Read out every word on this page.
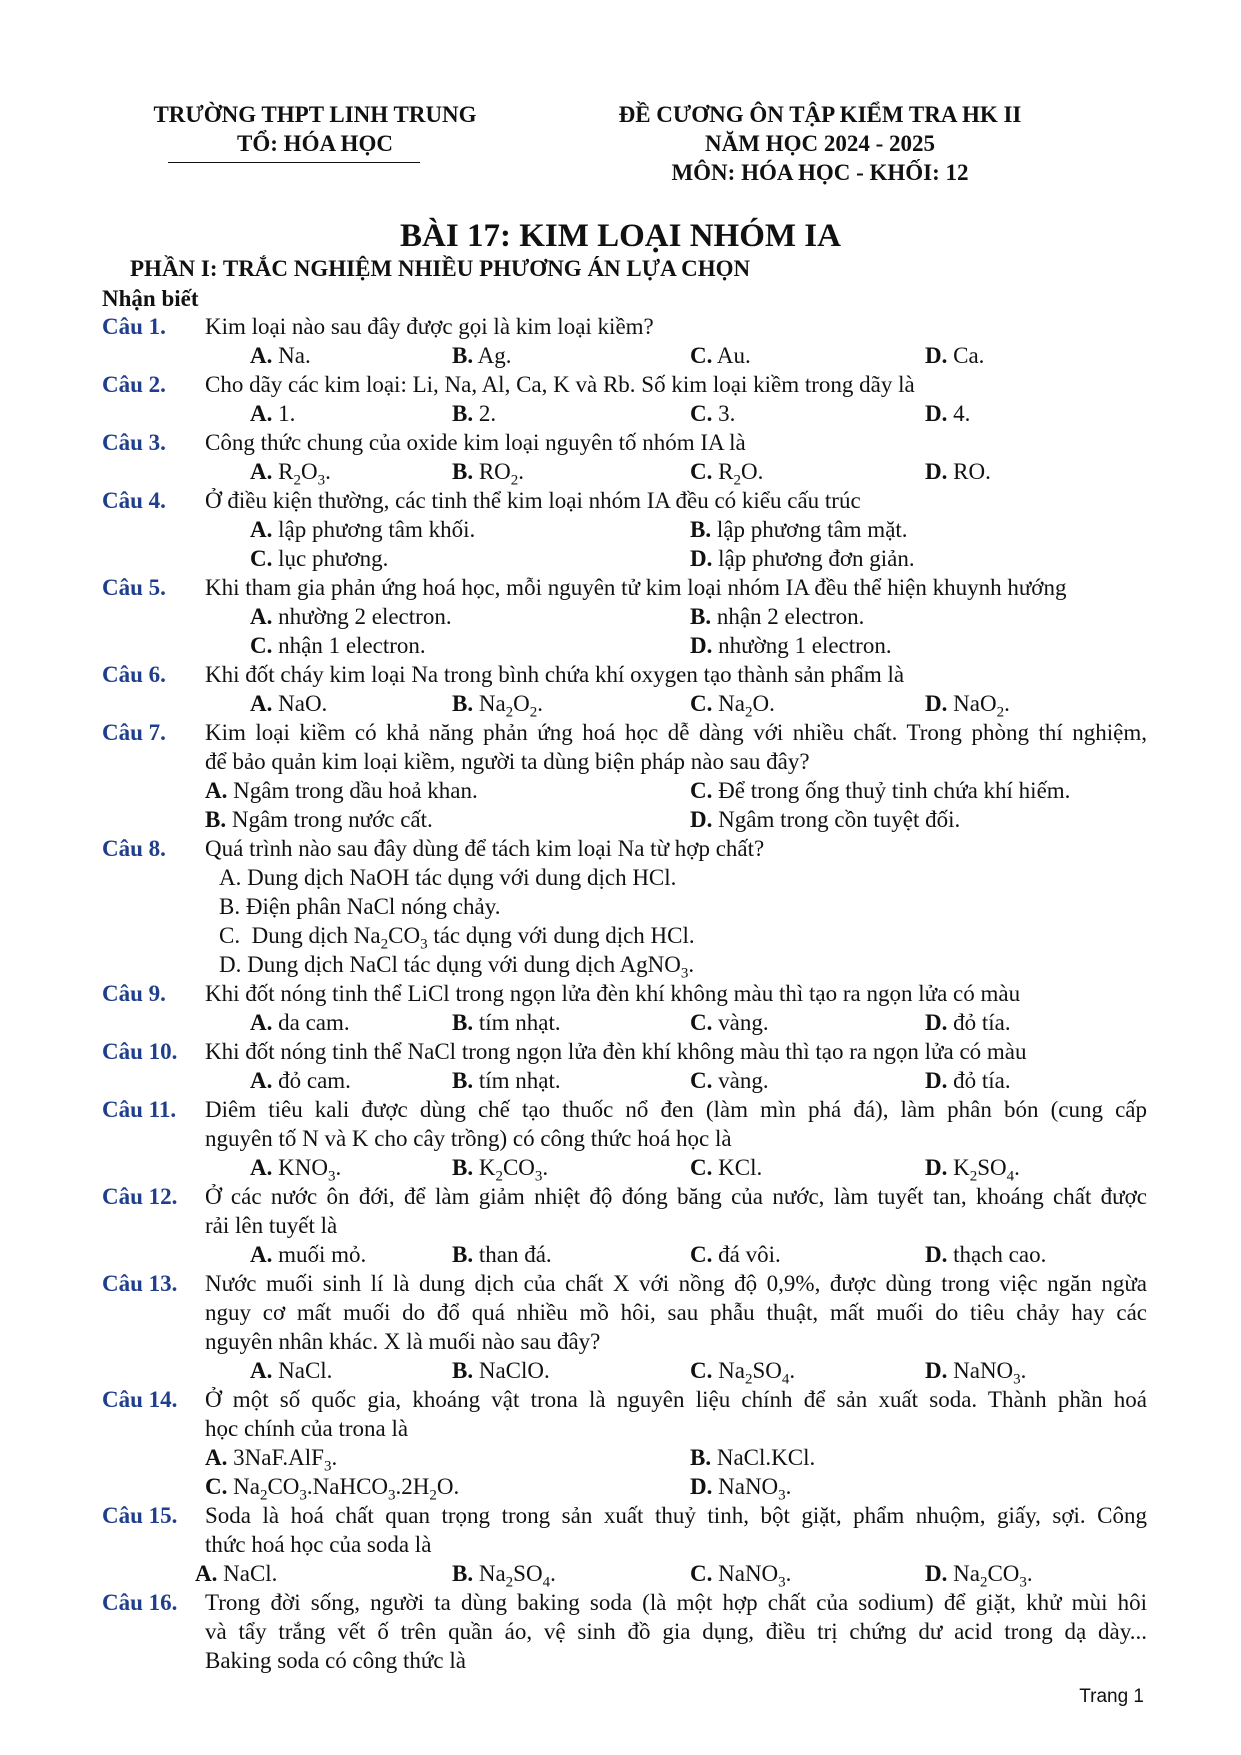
TRƯỜNG THPT LINH TRUNG
TỔ: HÓA HỌC
ĐỀ CƯƠNG ÔN TẬP KIỂM TRA HK II
NĂM HỌC 2024 - 2025
MÔN: HÓA HỌC - KHỐI: 12
BÀI 17: KIM LOẠI NHÓM IA
PHẦN I: TRẮC NGHIỆM NHIỀU PHƯƠNG ÁN LỰA CHỌN
Nhận biết
Câu 1. Kim loại nào sau đây được gọi là kim loại kiềm?
A. Na.	B. Ag.	C. Au.	D. Ca.
Câu 2. Cho dãy các kim loại: Li, Na, Al, Ca, K và Rb. Số kim loại kiềm trong dãy là
A. 1.	B. 2.	C. 3.	D. 4.
Câu 3. Công thức chung của oxide kim loại nguyên tố nhóm IA là
A. $R_2O_3$.	B. $RO_2$.	C. $R_2O$.	D. RO.
Câu 4. Ở điều kiện thường, các tinh thể kim loại nhóm IA đều có kiểu cấu trúc
A. lập phương tâm khối.	B. lập phương tâm mặt.
C. lục phương.	D. lập phương đơn giản.
Câu 5. Khi tham gia phản ứng hoá học, mỗi nguyên tử kim loại nhóm IA đều thể hiện khuynh hướng
A. nhường 2 electron.	B. nhận 2 electron.
C. nhận 1 electron.	D. nhường 1 electron.
Câu 6. Khi đốt cháy kim loại Na trong bình chứa khí oxygen tạo thành sản phẩm là
A. NaO.	B. $Na_2O_2$.	C. $Na_2O$.	D. NaO$_2$.
Câu 7. Kim loại kiềm có khả năng phản ứng hoá học dễ dàng với nhiều chất. Trong phòng thí nghiệm,
để bảo quản kim loại kiềm, người ta dùng biện pháp nào sau đây?
A. Ngâm trong dầu hoả khan.	C. Để trong ống thuỷ tinh chứa khí hiếm.
B. Ngâm trong nước cất.	D. Ngâm trong cồn tuyệt đối.
Câu 8. Quá trình nào sau đây dùng để tách kim loại Na từ hợp chất?
A. Dung dịch NaOH tác dụng với dung dịch HCl.
B. Điện phân NaCl nóng chảy.
C.  Dung dịch $Na_2CO_3$ tác dụng với dung dịch HCl.
D. Dung dịch NaCl tác dụng với dung dịch AgNO$_3$.
Câu 9. Khi đốt nóng tinh thể LiCl trong ngọn lửa đèn khí không màu thì tạo ra ngọn lửa có màu
A. da cam.	B. tím nhạt.	C. vàng.	D. đỏ tía.
Câu 10. Khi đốt nóng tinh thể NaCl trong ngọn lửa đèn khí không màu thì tạo ra ngọn lửa có màu
A. đỏ cam.	B. tím nhạt.	C. vàng.	D. đỏ tía.
Câu 11. Diêm tiêu kali được dùng chế tạo thuốc nổ đen (làm mìn phá đá), làm phân bón (cung cấp
nguyên tố N và K cho cây trồng) có công thức hoá học là
A. $KNO_3$.	B. $K_2CO_3$.	C. KCl.	D. $K_2SO_4$.
Câu 12. Ở các nước ôn đới, để làm giảm nhiệt độ đóng băng của nước, làm tuyết tan, khoáng chất được
rải lên tuyết là
A. muối mỏ.	B. than đá.	C. đá vôi.	D. thạch cao.
Câu 13. Nước muối sinh lí là dung dịch của chất X với nồng độ 0,9%, được dùng trong việc ngăn ngừa
nguy cơ mất muối do đổ quá nhiều mồ hôi, sau phẫu thuật, mất muối do tiêu chảy hay các
nguyên nhân khác. X là muối nào sau đây?
A. NaCl.	B. NaClO.	C. $Na_2SO_4$.	D. NaNO$_3$.
Câu 14. Ở một số quốc gia, khoáng vật trona là nguyên liệu chính để sản xuất soda. Thành phần hoá
học chính của trona là
A. 3NaF.AlF$_3$.	B. NaCl.KCl.
C. $Na_2CO_3.NaHCO_3.2H_2O$.	D. NaNO$_3$.
Câu 15. Soda là hoá chất quan trọng trong sản xuất thuỷ tinh, bột giặt, phẩm nhuộm, giấy, sợi. Công
thức hoá học của soda là
A. NaCl.	B. $Na_2SO_4$.	C. NaNO$_3$.	D. $Na_2CO_3$.
Câu 16. Trong đời sống, người ta dùng baking soda (là một hợp chất của sodium) để giặt, khử mùi hôi
và tẩy trắng vết ố trên quần áo, vệ sinh đồ gia dụng, điều trị chứng dư acid trong dạ dày...
Baking soda có công thức là
Trang 1
